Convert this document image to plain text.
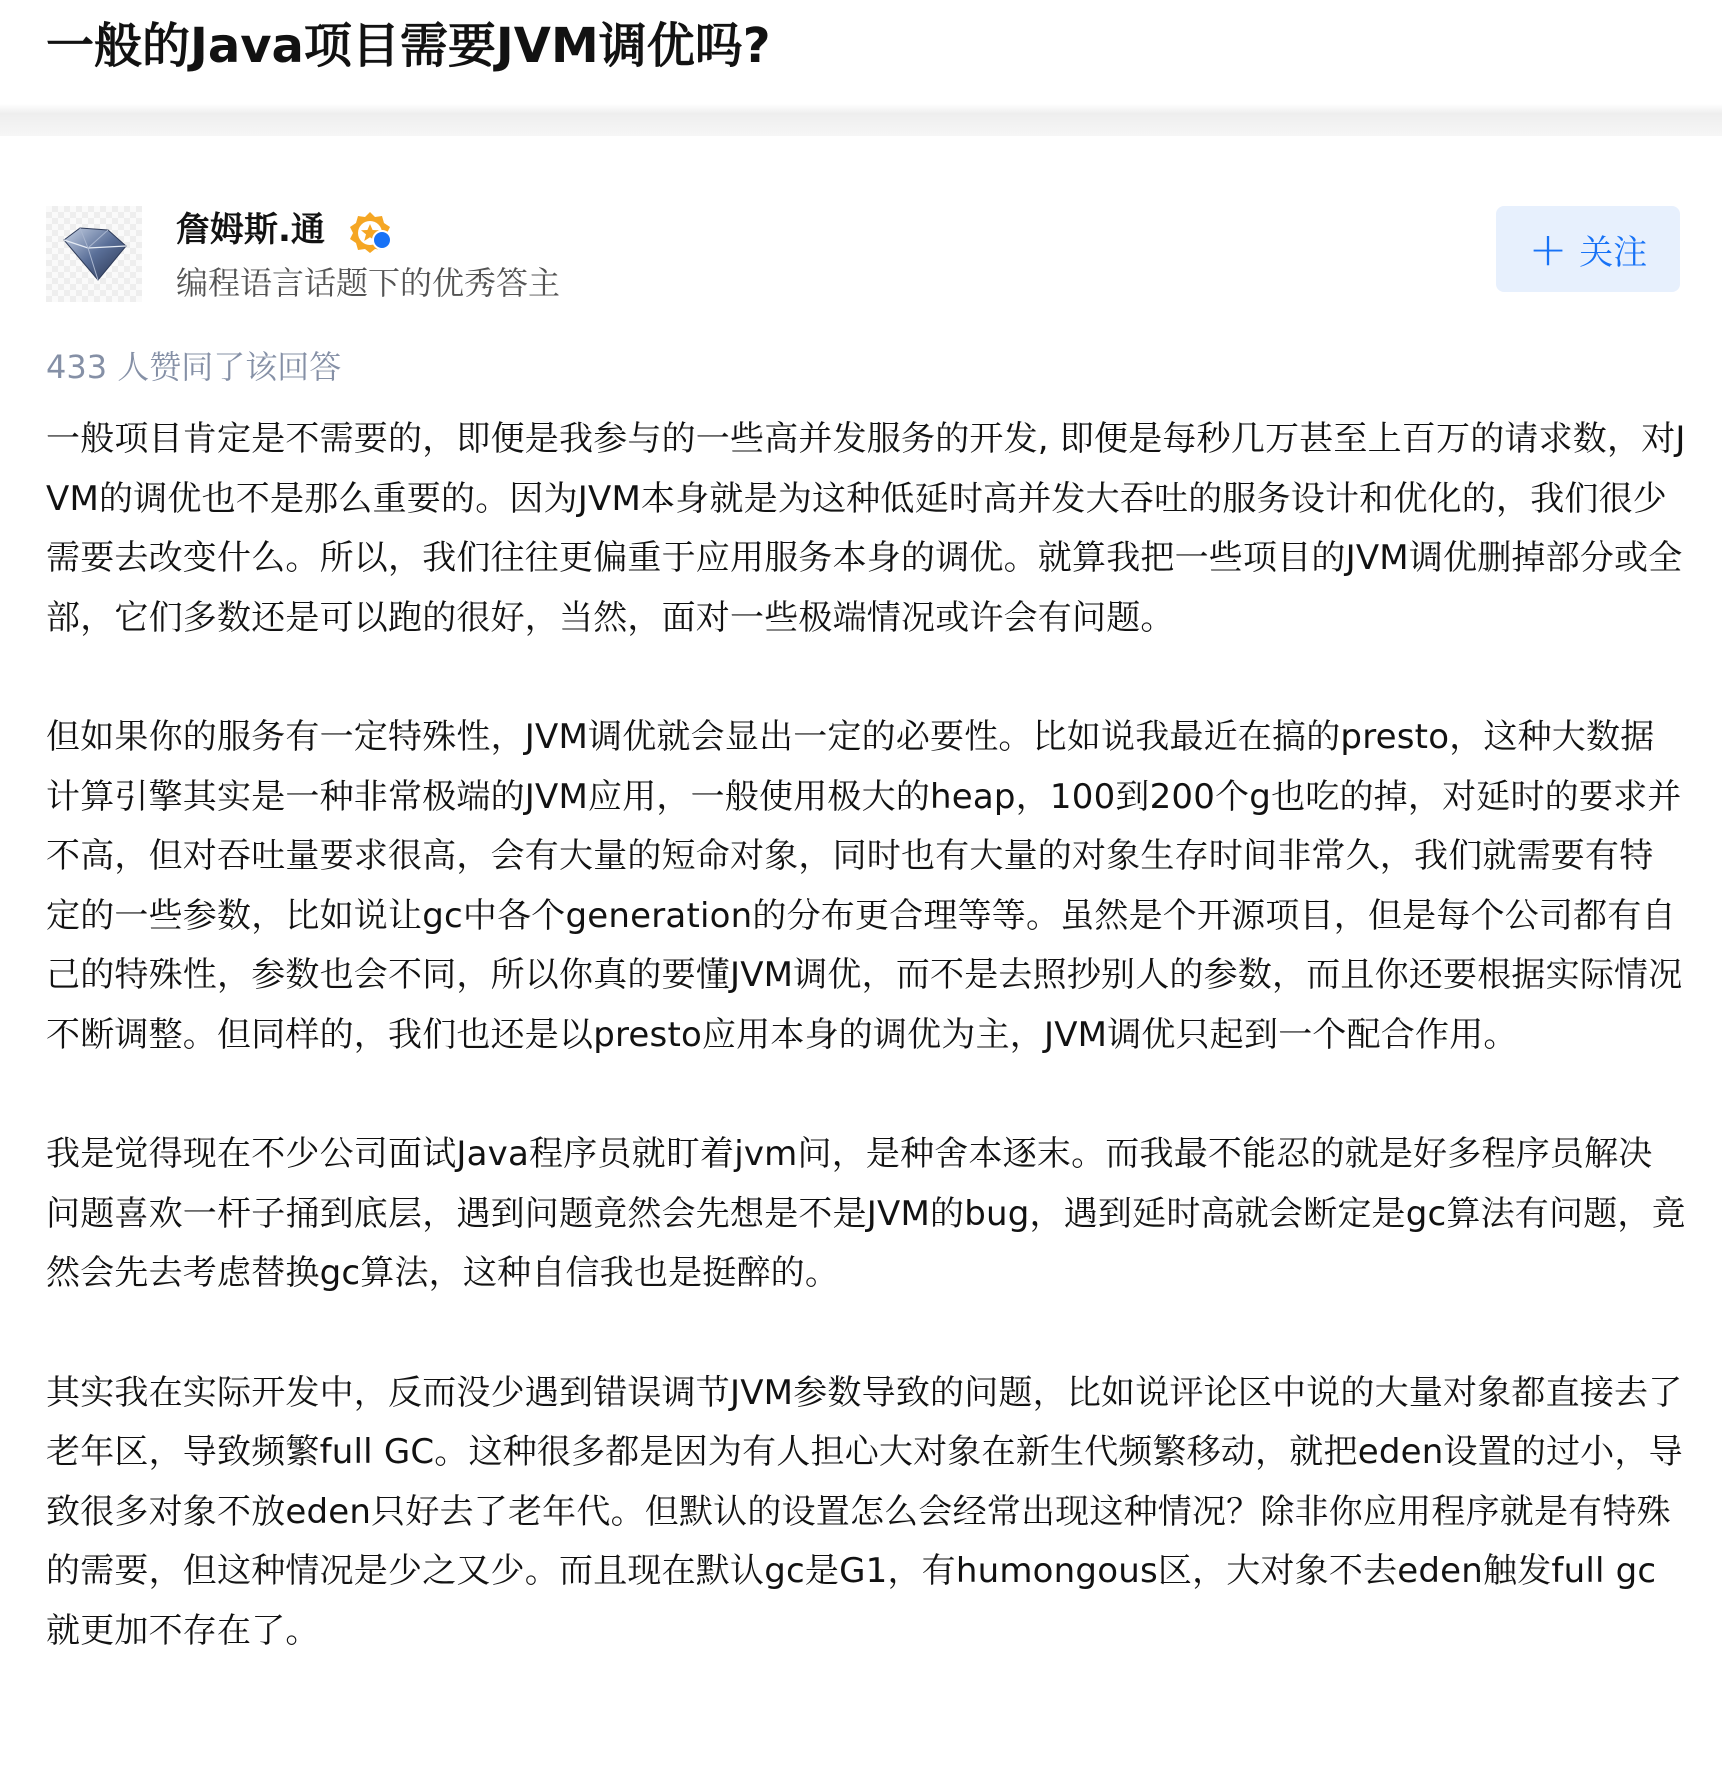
一般的Java项目需要JVM调优吗?
詹姆斯.通
编程语言话题下的优秀答主
+ 关注
433 人赞同了该回答

一般项目肯定是不需要的，即便是我参与的一些高并发服务的开发, 即便是每秒几万甚至上百万的请求数，对JVM的调优也不是那么重要的。因为JVM本身就是为这种低延时高并发大吞吐的服务设计和优化的，我们很少需要去改变什么。所以，我们往往更偏重于应用服务本身的调优。就算我把一些项目的JVM调优删掉部分或全部，它们多数还是可以跑的很好，当然，面对一些极端情况或许会有问题。

但如果你的服务有一定特殊性，JVM调优就会显出一定的必要性。比如说我最近在搞的presto，这种大数据计算引擎其实是一种非常极端的JVM应用，一般使用极大的heap，100到200个g也吃的掉，对延时的要求并不高，但对吞吐量要求很高，会有大量的短命对象，同时也有大量的对象生存时间非常久，我们就需要有特定的一些参数，比如说让gc中各个generation的分布更合理等等。虽然是个开源项目，但是每个公司都有自己的特殊性，参数也会不同，所以你真的要懂JVM调优，而不是去照抄别人的参数，而且你还要根据实际情况不断调整。但同样的，我们也还是以presto应用本身的调优为主，JVM调优只起到一个配合作用。

我是觉得现在不少公司面试Java程序员就盯着jvm问，是种舍本逐末。而我最不能忍的就是好多程序员解决问题喜欢一杆子捅到底层，遇到问题竟然会先想是不是JVM的bug，遇到延时高就会断定是gc算法有问题，竟然会先去考虑替换gc算法，这种自信我也是挺醉的。

其实我在实际开发中，反而没少遇到错误调节JVM参数导致的问题，比如说评论区中说的大量对象都直接去了老年区，导致频繁full GC。这种很多都是因为有人担心大对象在新生代频繁移动，就把eden设置的过小，导致很多对象不放eden只好去了老年代。但默认的设置怎么会经常出现这种情况？除非你应用程序就是有特殊的需要，但这种情况是少之又少。而且现在默认gc是G1，有humongous区，大对象不去eden触发full gc就更加不存在了。
